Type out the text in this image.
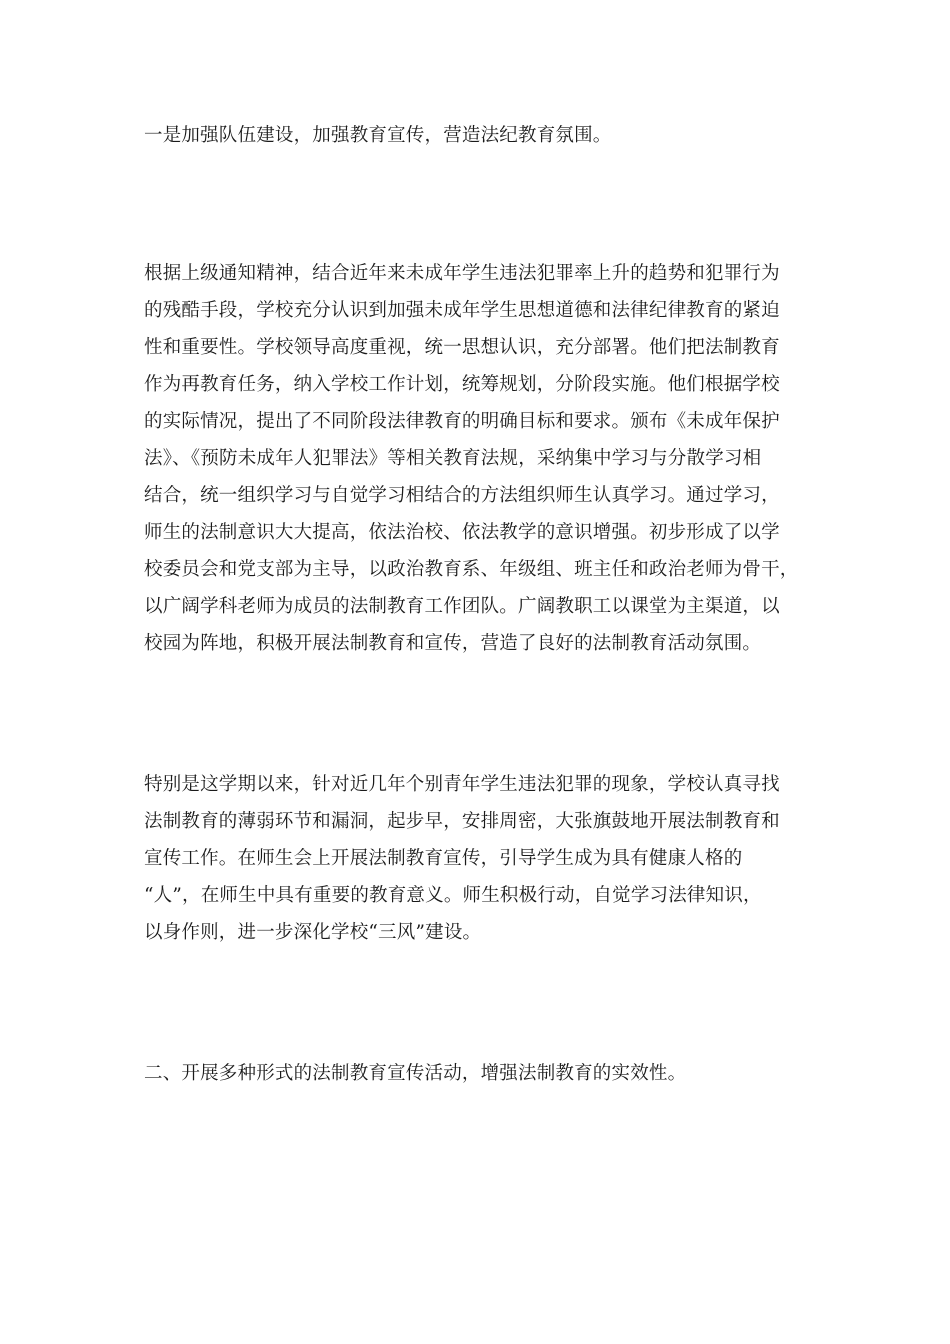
一是加强队伍建设，加强教育宣传，营造法纪教育氛围。
根据上级通知精神，结合近年来未成年学生违法犯罪率上升的趋势和犯罪行为
的残酷手段，学校充分认识到加强未成年学生思想道德和法律纪律教育的紧迫
性和重要性。学校领导高度重视，统一思想认识，充分部署。他们把法制教育
作为再教育任务，纳入学校工作计划，统筹规划，分阶段实施。他们根据学校
的实际情况，提出了不同阶段法律教育的明确目标和要求。颁布《未成年保护
法》、《预防未成年人犯罪法》等相关教育法规，采纳集中学习与分散学习相
结合，统一组织学习与自觉学习相结合的方法组织师生认真学习。通过学习，
师生的法制意识大大提高，依法治校、依法教学的意识增强。初步形成了以学
校委员会和党支部为主导，以政治教育系、年级组、班主任和政治老师为骨干，
以广阔学科老师为成员的法制教育工作团队。广阔教职工以课堂为主渠道，以
校园为阵地，积极开展法制教育和宣传，营造了良好的法制教育活动氛围。
特别是这学期以来，针对近几年个别青年学生违法犯罪的现象，学校认真寻找
法制教育的薄弱环节和漏洞，起步早，安排周密，大张旗鼓地开展法制教育和
宣传工作。在师生会上开展法制教育宣传，引导学生成为具有健康人格的
“人”，在师生中具有重要的教育意义。师生积极行动，自觉学习法律知识，
以身作则，进一步深化学校“三风”建设。
二、开展多种形式的法制教育宣传活动，增强法制教育的实效性。
